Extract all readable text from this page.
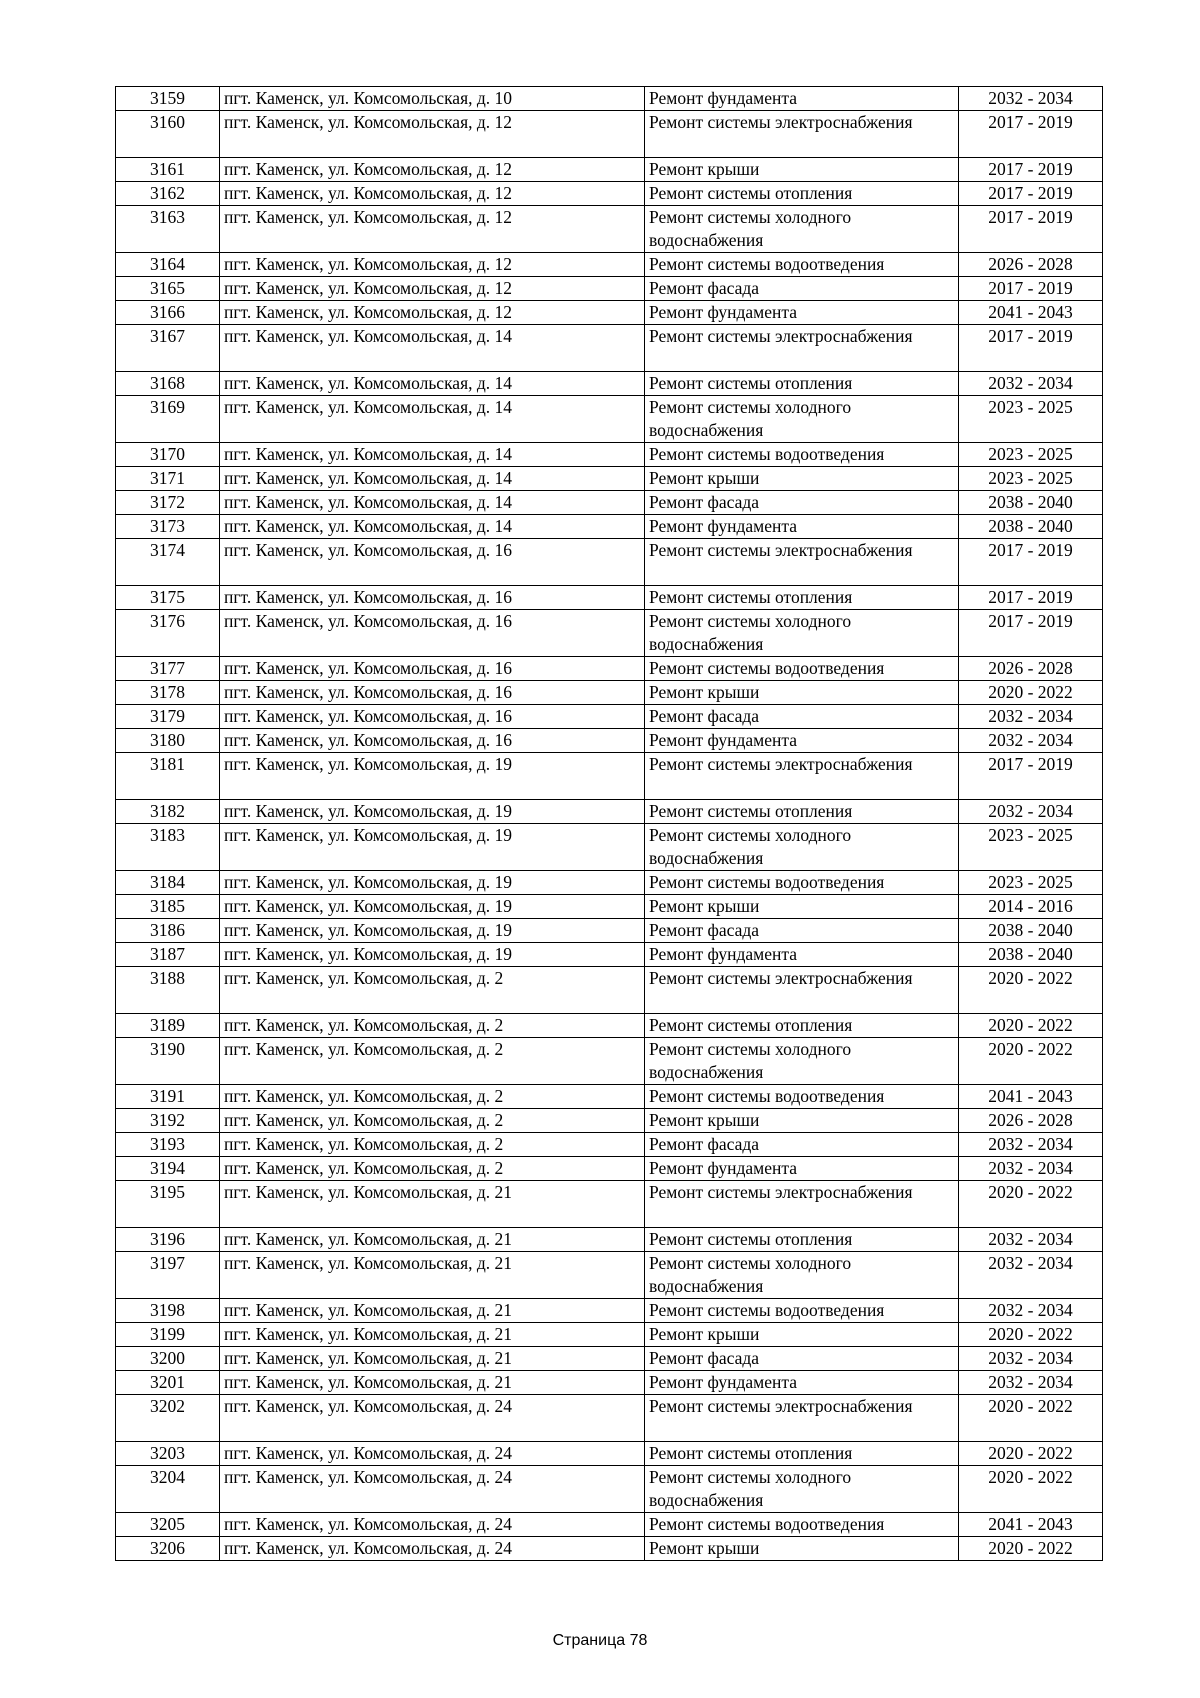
3159	пгт. Каменск, ул. Комсомольская, д. 10	Ремонт фундамента	2032 - 2034
3160	пгт. Каменск, ул. Комсомольская, д. 12	Ремонт системы электроснабжения	2017 - 2019
3161	пгт. Каменск, ул. Комсомольская, д. 12	Ремонт крыши	2017 - 2019
3162	пгт. Каменск, ул. Комсомольская, д. 12	Ремонт системы отопления	2017 - 2019
3163	пгт. Каменск, ул. Комсомольская, д. 12	Ремонт системы холодного водоснабжения	2017 - 2019
3164	пгт. Каменск, ул. Комсомольская, д. 12	Ремонт системы водоотведения	2026 - 2028
3165	пгт. Каменск, ул. Комсомольская, д. 12	Ремонт фасада	2017 - 2019
3166	пгт. Каменск, ул. Комсомольская, д. 12	Ремонт фундамента	2041 - 2043
3167	пгт. Каменск, ул. Комсомольская, д. 14	Ремонт системы электроснабжения	2017 - 2019
3168	пгт. Каменск, ул. Комсомольская, д. 14	Ремонт системы отопления	2032 - 2034
3169	пгт. Каменск, ул. Комсомольская, д. 14	Ремонт системы холодного водоснабжения	2023 - 2025
3170	пгт. Каменск, ул. Комсомольская, д. 14	Ремонт системы водоотведения	2023 - 2025
3171	пгт. Каменск, ул. Комсомольская, д. 14	Ремонт крыши	2023 - 2025
3172	пгт. Каменск, ул. Комсомольская, д. 14	Ремонт фасада	2038 - 2040
3173	пгт. Каменск, ул. Комсомольская, д. 14	Ремонт фундамента	2038 - 2040
3174	пгт. Каменск, ул. Комсомольская, д. 16	Ремонт системы электроснабжения	2017 - 2019
3175	пгт. Каменск, ул. Комсомольская, д. 16	Ремонт системы отопления	2017 - 2019
3176	пгт. Каменск, ул. Комсомольская, д. 16	Ремонт системы холодного водоснабжения	2017 - 2019
3177	пгт. Каменск, ул. Комсомольская, д. 16	Ремонт системы водоотведения	2026 - 2028
3178	пгт. Каменск, ул. Комсомольская, д. 16	Ремонт крыши	2020 - 2022
3179	пгт. Каменск, ул. Комсомольская, д. 16	Ремонт фасада	2032 - 2034
3180	пгт. Каменск, ул. Комсомольская, д. 16	Ремонт фундамента	2032 - 2034
3181	пгт. Каменск, ул. Комсомольская, д. 19	Ремонт системы электроснабжения	2017 - 2019
3182	пгт. Каменск, ул. Комсомольская, д. 19	Ремонт системы отопления	2032 - 2034
3183	пгт. Каменск, ул. Комсомольская, д. 19	Ремонт системы холодного водоснабжения	2023 - 2025
3184	пгт. Каменск, ул. Комсомольская, д. 19	Ремонт системы водоотведения	2023 - 2025
3185	пгт. Каменск, ул. Комсомольская, д. 19	Ремонт крыши	2014 - 2016
3186	пгт. Каменск, ул. Комсомольская, д. 19	Ремонт фасада	2038 - 2040
3187	пгт. Каменск, ул. Комсомольская, д. 19	Ремонт фундамента	2038 - 2040
3188	пгт. Каменск, ул. Комсомольская, д. 2	Ремонт системы электроснабжения	2020 - 2022
3189	пгт. Каменск, ул. Комсомольская, д. 2	Ремонт системы отопления	2020 - 2022
3190	пгт. Каменск, ул. Комсомольская, д. 2	Ремонт системы холодного водоснабжения	2020 - 2022
3191	пгт. Каменск, ул. Комсомольская, д. 2	Ремонт системы водоотведения	2041 - 2043
3192	пгт. Каменск, ул. Комсомольская, д. 2	Ремонт крыши	2026 - 2028
3193	пгт. Каменск, ул. Комсомольская, д. 2	Ремонт фасада	2032 - 2034
3194	пгт. Каменск, ул. Комсомольская, д. 2	Ремонт фундамента	2032 - 2034
3195	пгт. Каменск, ул. Комсомольская, д. 21	Ремонт системы электроснабжения	2020 - 2022
3196	пгт. Каменск, ул. Комсомольская, д. 21	Ремонт системы отопления	2032 - 2034
3197	пгт. Каменск, ул. Комсомольская, д. 21	Ремонт системы холодного водоснабжения	2032 - 2034
3198	пгт. Каменск, ул. Комсомольская, д. 21	Ремонт системы водоотведения	2032 - 2034
3199	пгт. Каменск, ул. Комсомольская, д. 21	Ремонт крыши	2020 - 2022
3200	пгт. Каменск, ул. Комсомольская, д. 21	Ремонт фасада	2032 - 2034
3201	пгт. Каменск, ул. Комсомольская, д. 21	Ремонт фундамента	2032 - 2034
3202	пгт. Каменск, ул. Комсомольская, д. 24	Ремонт системы электроснабжения	2020 - 2022
3203	пгт. Каменск, ул. Комсомольская, д. 24	Ремонт системы отопления	2020 - 2022
3204	пгт. Каменск, ул. Комсомольская, д. 24	Ремонт системы холодного водоснабжения	2020 - 2022
3205	пгт. Каменск, ул. Комсомольская, д. 24	Ремонт системы водоотведения	2041 - 2043
3206	пгт. Каменск, ул. Комсомольская, д. 24	Ремонт крыши	2020 - 2022
Страница 78
